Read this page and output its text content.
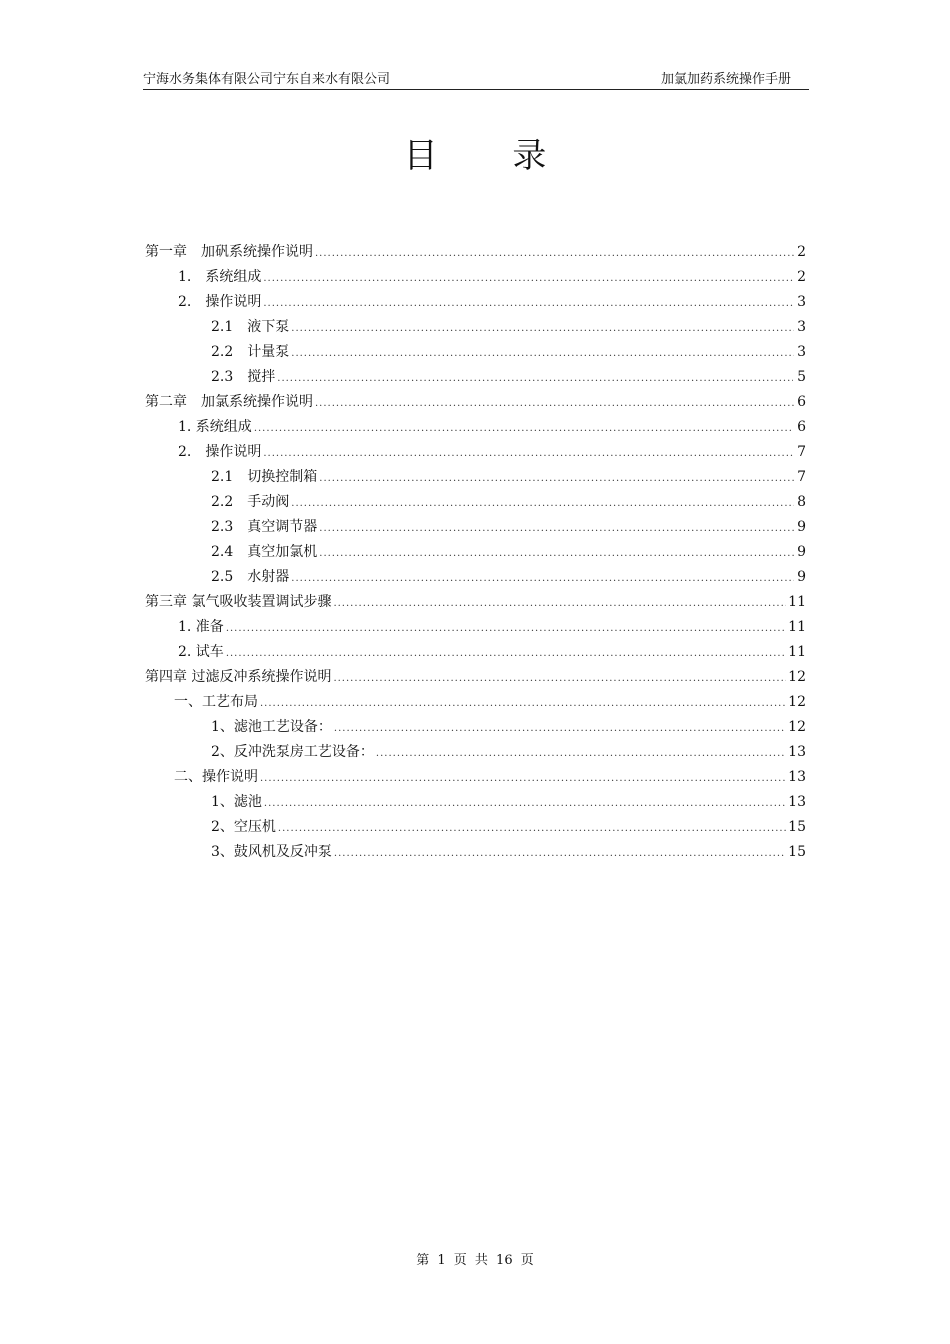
宁海水务集体有限公司宁东自来水有限公司	加氯加药系统操作手册
目 录
第一章　加矾系统操作说明 .....	2
1.　系统组成 .....	2
2.　操作说明 .....	3
2.1　液下泵 .....	3
2.2　计量泵 .....	3
2.3　搅拌 .....	5
第二章　加氯系统操作说明 .....	6
1. 系统组成 .....	6
2.　操作说明 .....	7
2.1　切换控制箱 .....	7
2.2　手动阀 .....	8
2.3　真空调节器 .....	9
2.4　真空加氯机 .....	9
2.5　水射器 .....	9
第三章 氯气吸收装置调试步骤 .....	11
1. 准备 .....	11
2. 试车 .....	11
第四章 过滤反冲系统操作说明 .....	12
一、工艺布局 .....	12
1、滤池工艺设备： .....	12
2、反冲洗泵房工艺设备： .....	13
二、操作说明 .....	13
1、滤池 .....	13
2、空压机 .....	15
3、鼓风机及反冲泵 .....	15
第 1 页 共 16 页
